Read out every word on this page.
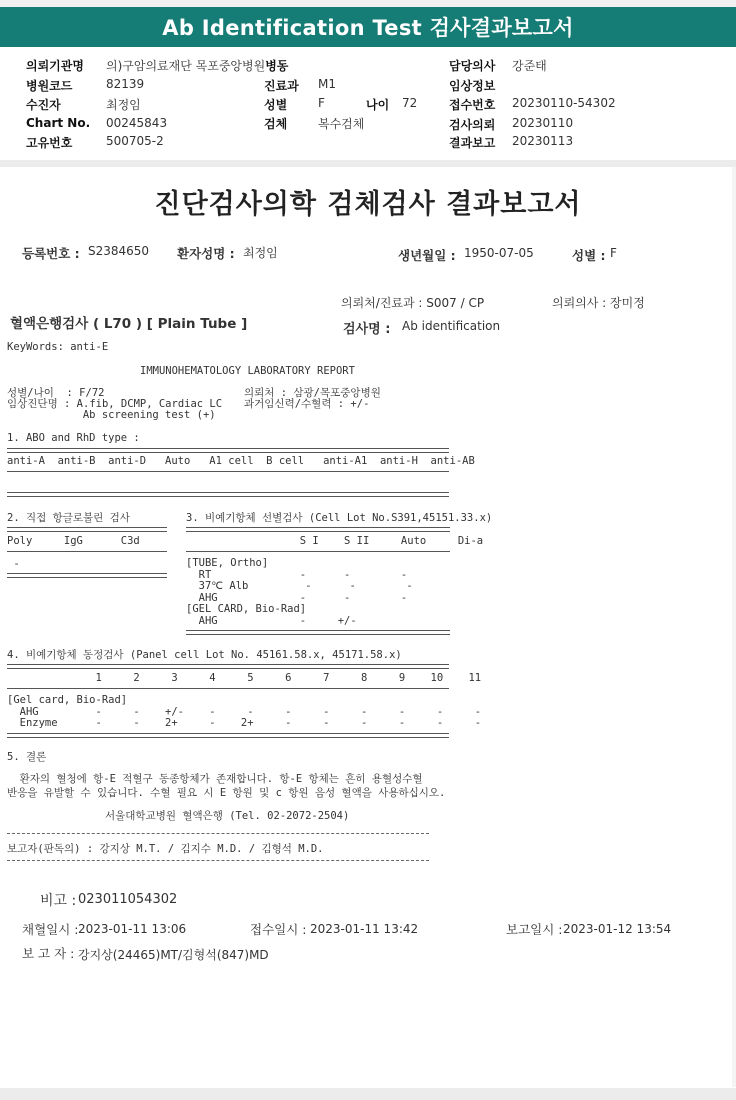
Ab Identification Test 검사결과보고서
의뢰기관명 의)구암의료재단 목포중앙병원병동
병원코드	82139
수진자	최정임
Chart No. 00245843
고유번호	500705-2
진료과 M1
성별	F	나이 72
검체	복수검체
담당의사 강준태
임상정보
접수번호 20230110-54302
검사의뢰 20230110
결과보고 20230113
진단검사의학 검체검사 결과보고서
등록번호 : S2384650 환자성명 : 최정임	생년월일 : 1950-07-05	성별 : F
의뢰처/진료과 : S007 / CP	의뢰의사 : 장미정
혈액은행검사 ( L70 ) [ Plain Tube ]	검사명 : Ab identification
KeyWords: anti-E
IMMUNOHEMATOLOGY LABORATORY REPORT
성별/나이  : F/72
임상진단명 : A.fib, DCMP, Cardiac LC
Ab screening test (+)
의뢰처 : 삼광/목포중앙병원
과거임신력/수혈력 : +/-
1. ABO and RhD type :
anti-A  anti-B  anti-D   Auto   A1 cell  B cell   anti-A1  anti-H  anti-AB
2. 직접 항글로불린 검사
Poly     IgG      C3d
-
3. 비예기항체 선별검사 (Cell Lot No.S391,45151.33.x)
S I    S II     Auto     Di-a
[TUBE, Ortho]
RT              -      -        -
37℃ Alb         -      -        -
AHG             -      -        -
[GEL CARD, Bio-Rad]
AHG             -     +/-
4. 비예기항체 동정검사 (Panel cell Lot No. 45161.58.x, 45171.58.x)
1     2     3     4     5     6     7     8     9    10    11
[Gel card, Bio-Rad]
AHG         -     -    +/-    -     -     -     -     -     -     -     -
Enzyme      -     -    2+     -    2+     -     -     -     -     -     -
5. 결론
환자의 혈청에 항-E 적혈구 동종항체가 존재합니다. 항-E 항체는 흔히 용혈성수혈
반응을 유발할 수 있습니다. 수혈 필요 시 E 항원 및 c 항원 음성 혈액을 사용하십시오.
서울대학교병원 혈액은행 (Tel. 02-2072-2504)
보고자(판독의) : 강지상 M.T. / 김지수 M.D. / 김형석 M.D.
비고 : 023011054302
채혈일시 : 2023-01-11 13:06	접수일시 : 2023-01-11 13:42	보고일시 : 2023-01-12 13:54
보 고 자 : 강지상(24465)MT/김형석(847)MD
